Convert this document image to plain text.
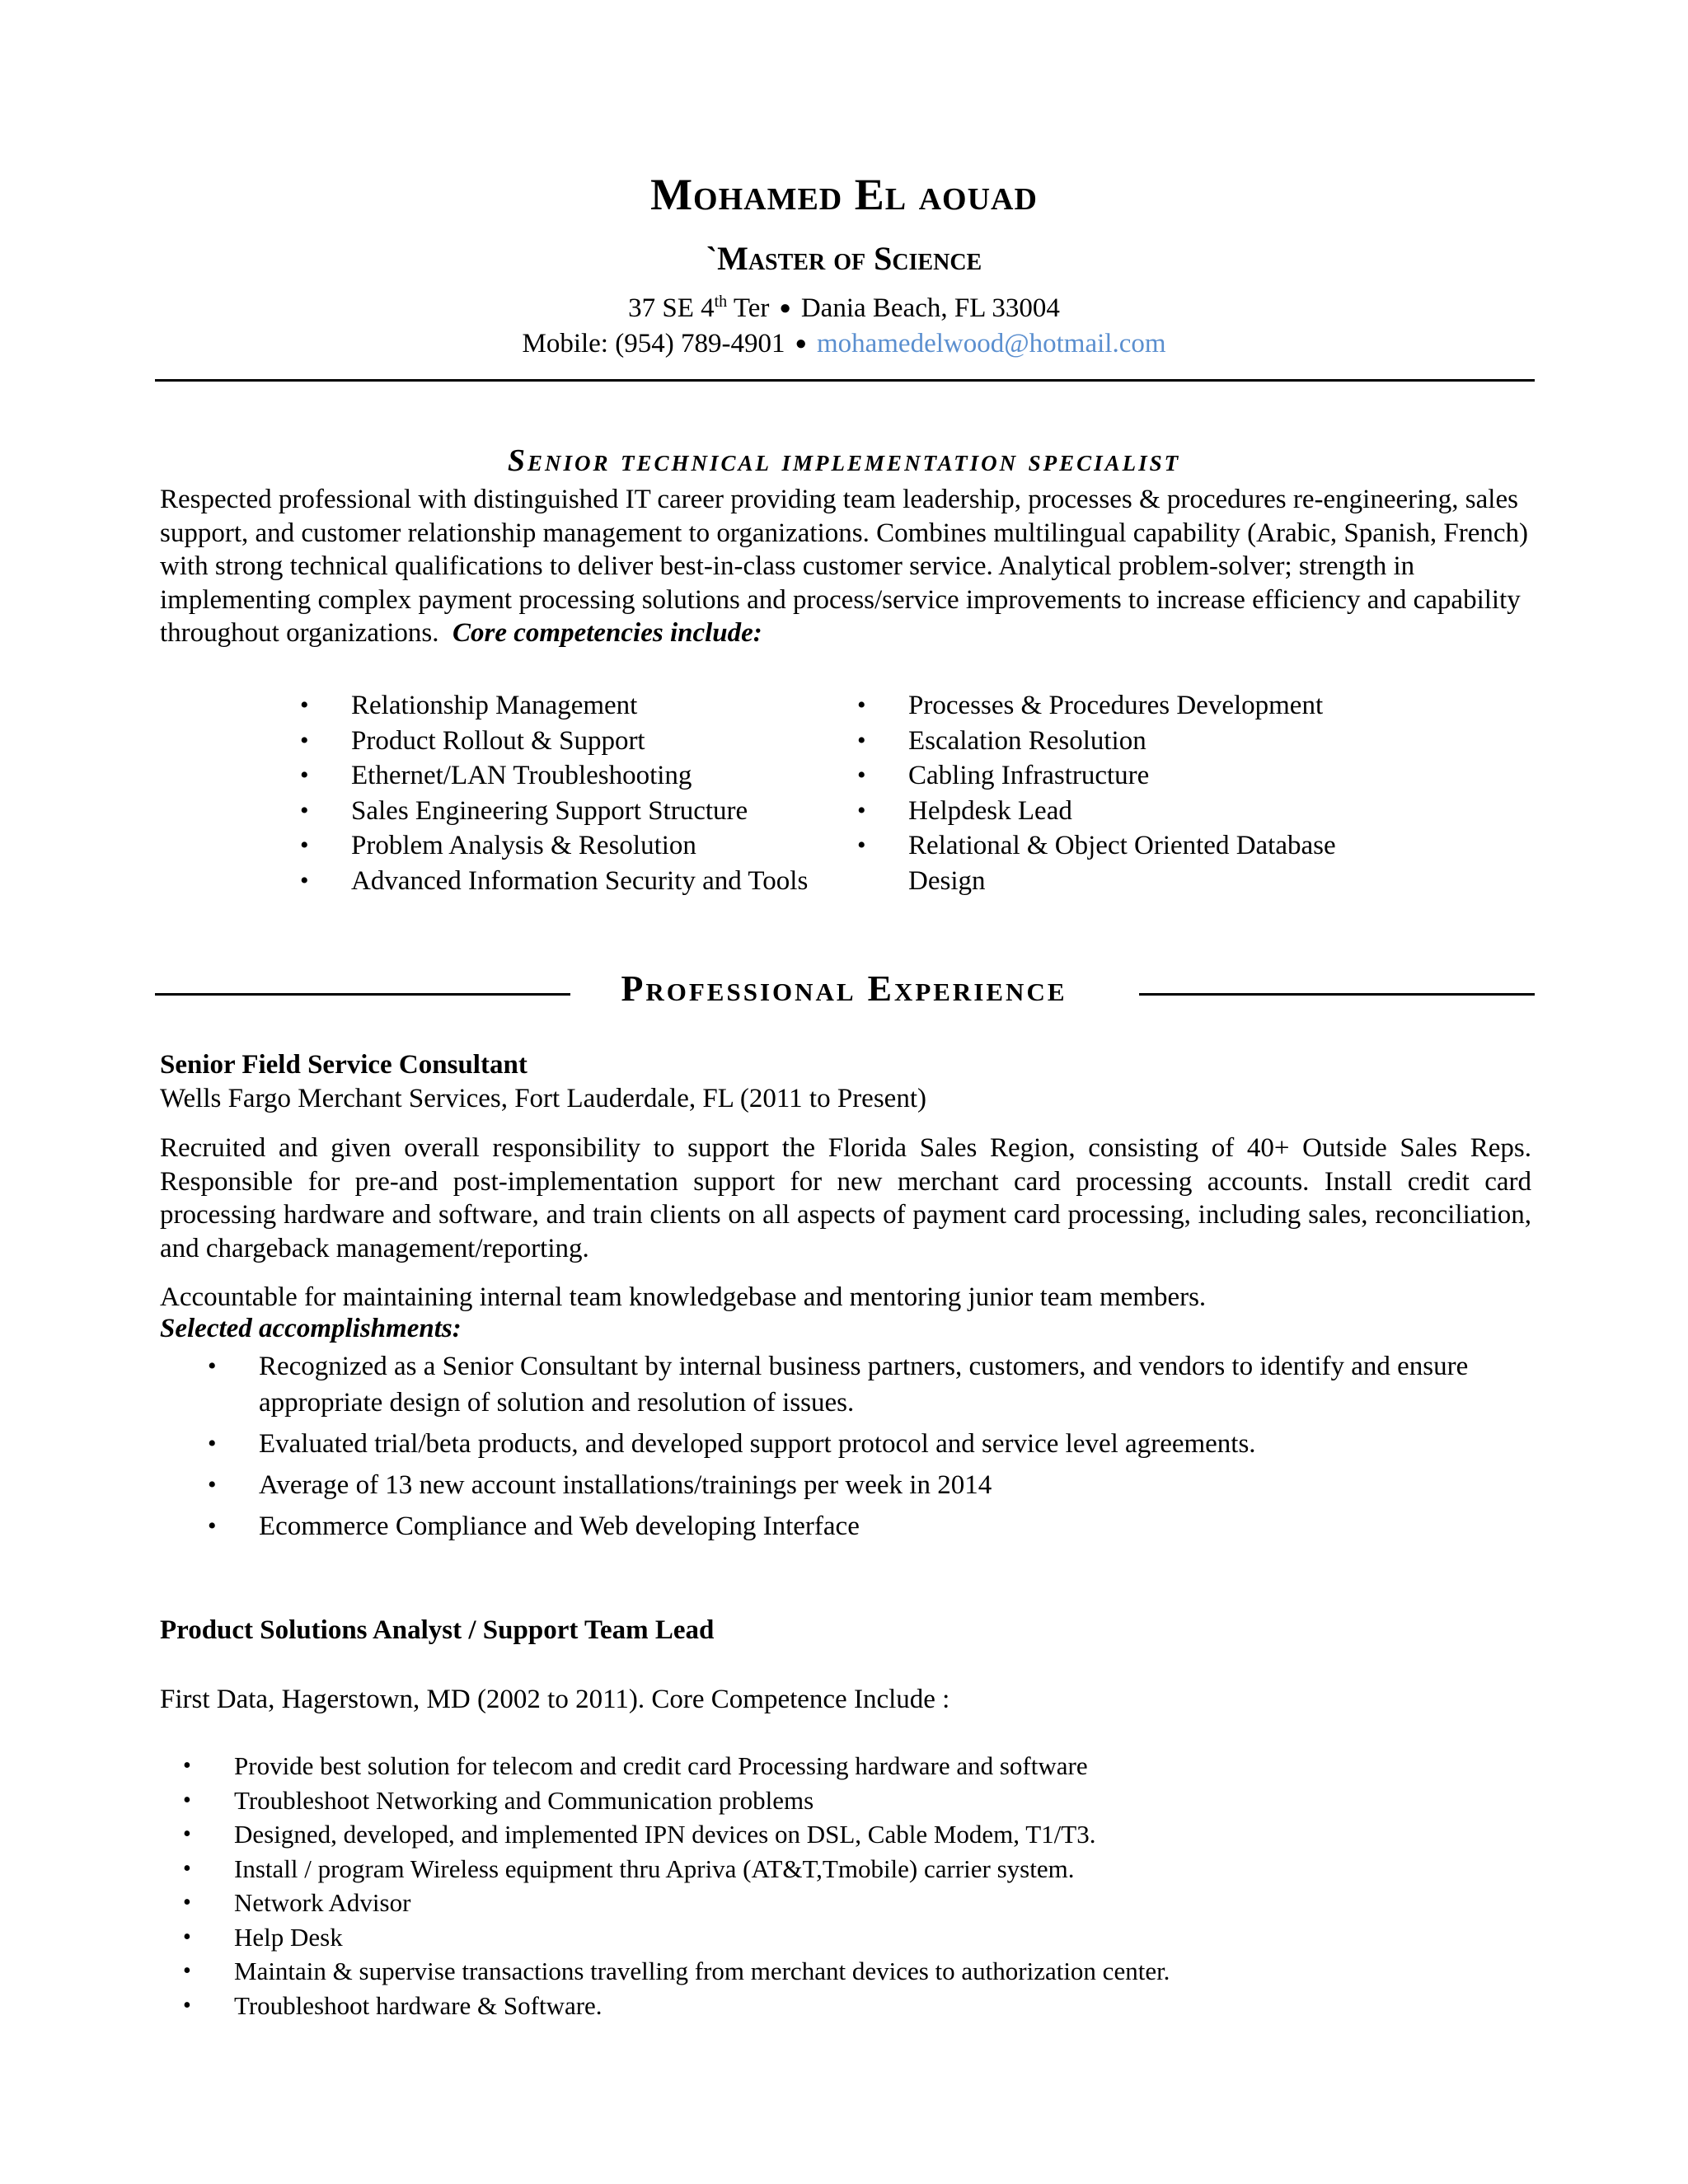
Mohamed El aouad
`Master of Science
37 SE 4th Ter ● Dania Beach, FL 33004
Mobile: (954) 789-4901 ● mohamedelwood@hotmail.com
Senior technical implementation specialist
Respected professional with distinguished IT career providing team leadership, processes & procedures re-engineering, sales support, and customer relationship management to organizations. Combines multilingual capability (Arabic, Spanish, French) with strong technical qualifications to deliver best-in-class customer service. Analytical problem-solver; strength in implementing complex payment processing solutions and process/service improvements to increase efficiency and capability throughout organizations. Core competencies include:
• Relationship Management
• Product Rollout & Support
• Ethernet/LAN Troubleshooting
• Sales Engineering Support Structure
• Problem Analysis & Resolution
• Advanced Information Security and Tools
• Processes & Procedures Development
• Escalation Resolution
• Cabling Infrastructure
• Helpdesk Lead
• Relational & Object Oriented Database Design
Professional Experience
Senior Field Service Consultant
Wells Fargo Merchant Services, Fort Lauderdale, FL (2011 to Present)
Recruited and given overall responsibility to support the Florida Sales Region, consisting of 40+ Outside Sales Reps. Responsible for pre-and post-implementation support for new merchant card processing accounts. Install credit card processing hardware and software, and train clients on all aspects of payment card processing, including sales, reconciliation, and chargeback management/reporting.
Accountable for maintaining internal team knowledgebase and mentoring junior team members.
Selected accomplishments:
• Recognized as a Senior Consultant by internal business partners, customers, and vendors to identify and ensure appropriate design of solution and resolution of issues.
• Evaluated trial/beta products, and developed support protocol and service level agreements.
• Average of 13 new account installations/trainings per week in 2014
• Ecommerce Compliance and Web developing Interface
Product Solutions Analyst / Support Team Lead
First Data, Hagerstown, MD (2002 to 2011). Core Competence Include :
• Provide best solution for telecom and credit card Processing hardware and software
• Troubleshoot Networking and Communication problems
• Designed, developed, and implemented IPN devices on DSL, Cable Modem, T1/T3.
• Install / program Wireless equipment thru Apriva (AT&T,Tmobile) carrier system.
• Network Advisor
• Help Desk
• Maintain & supervise transactions travelling from merchant devices to authorization center.
• Troubleshoot hardware & Software.
